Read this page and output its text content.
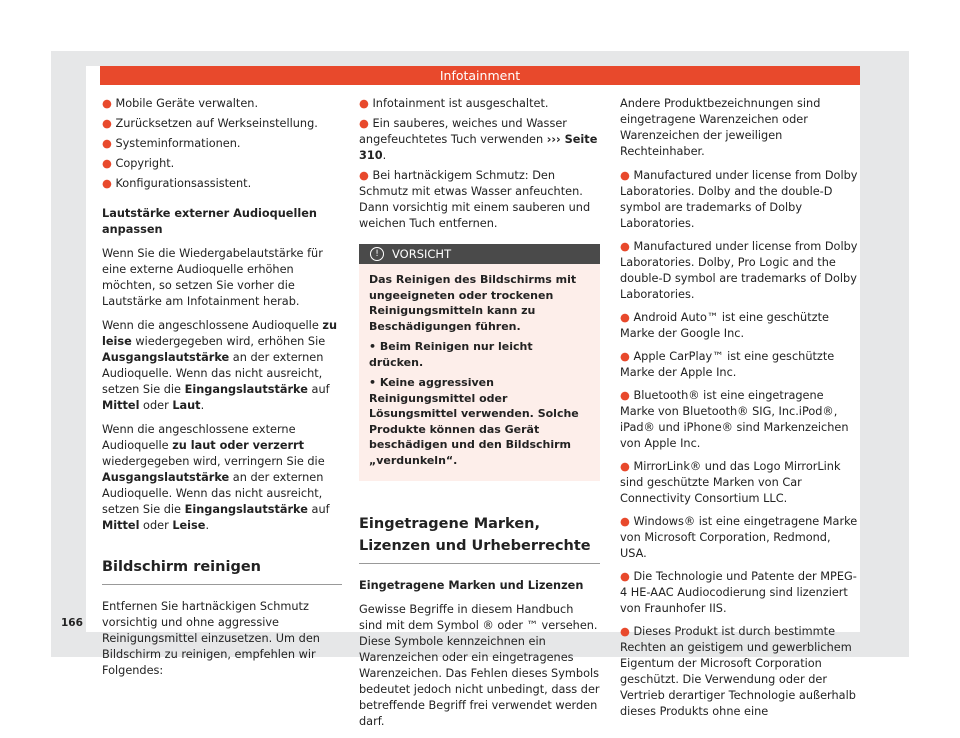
Infotainment

● Mobile Geräte verwalten.

● Zurücksetzen auf Werkseinstellung.

● Systeminformationen.

● Copyright.

● Konfigurationsassistent.

Lautstärke externer Audioquellen anpassen

Wenn Sie die Wiedergabelautstärke für eine externe Audioquelle erhöhen möchten, so setzen Sie vorher die Lautstärke am Infotainment herab.

Wenn die angeschlossene Audioquelle zu leise wiedergegeben wird, erhöhen Sie Ausgangslautstärke an der externen Audioquelle. Wenn das nicht ausreicht, setzen Sie die Eingangslautstärke auf Mittel oder Laut.

Wenn die angeschlossene externe Audioquelle zu laut oder verzerrt wiedergegeben wird, verringern Sie die Ausgangslautstärke an der externen Audioquelle. Wenn das nicht ausreicht, setzen Sie die Eingangslautstärke auf Mittel oder Leise.

Bildschirm reinigen

Entfernen Sie hartnäckigen Schmutz vorsichtig und ohne aggressive Reinigungsmittel einzusetzen. Um den Bildschirm zu reinigen, empfehlen wir Folgendes:

● Infotainment ist ausgeschaltet.

● Ein sauberes, weiches und Wasser angefeuchtetes Tuch verwenden ››› Seite 310.

● Bei hartnäckigem Schmutz: Den Schmutz mit etwas Wasser anfeuchten. Dann vorsichtig mit einem sauberen und weichen Tuch entfernen.

! VORSICHT

Das Reinigen des Bildschirms mit ungeeigneten oder trockenen Reinigungsmitteln kann zu Beschädigungen führen.

• Beim Reinigen nur leicht drücken.

• Keine aggressiven Reinigungsmittel oder Lösungsmittel verwenden. Solche Produkte können das Gerät beschädigen und den Bildschirm „verdunkeln“.

Eingetragene Marken, Lizenzen und Urheberrechte

Eingetragene Marken und Lizenzen

Gewisse Begriffe in diesem Handbuch sind mit dem Symbol ® oder ™ versehen. Diese Symbole kennzeichnen ein Warenzeichen oder ein eingetragenes Warenzeichen. Das Fehlen dieses Symbols bedeutet jedoch nicht unbedingt, dass der betreffende Begriff frei verwendet werden darf.

Andere Produktbezeichnungen sind eingetragene Warenzeichen oder Warenzeichen der jeweiligen Rechteinhaber.

● Manufactured under license from Dolby Laboratories. Dolby and the double-D symbol are trademarks of Dolby Laboratories.

● Manufactured under license from Dolby Laboratories. Dolby, Pro Logic and the double-D symbol are trademarks of Dolby Laboratories.

● Android Auto™ ist eine geschützte Marke der Google Inc.

● Apple CarPlay™ ist eine geschützte Marke der Apple Inc.

● Bluetooth® ist eine eingetragene Marke von Bluetooth® SIG, Inc.iPod®, iPad® und iPhone® sind Markenzeichen von Apple Inc.

● MirrorLink® und das Logo MirrorLink sind geschützte Marken von Car Connectivity Consortium LLC.

● Windows® ist eine eingetragene Marke von Microsoft Corporation, Redmond, USA.

● Die Technologie und Patente der MPEG-4 HE-AAC Audiocodierung sind lizenziert von Fraunhofer IIS.

● Dieses Produkt ist durch bestimmte Rechten an geistigem und gewerblichem Eigentum der Microsoft Corporation geschützt. Die Verwendung oder der Vertrieb derartiger Technologie außerhalb dieses Produkts ohne eine

166
